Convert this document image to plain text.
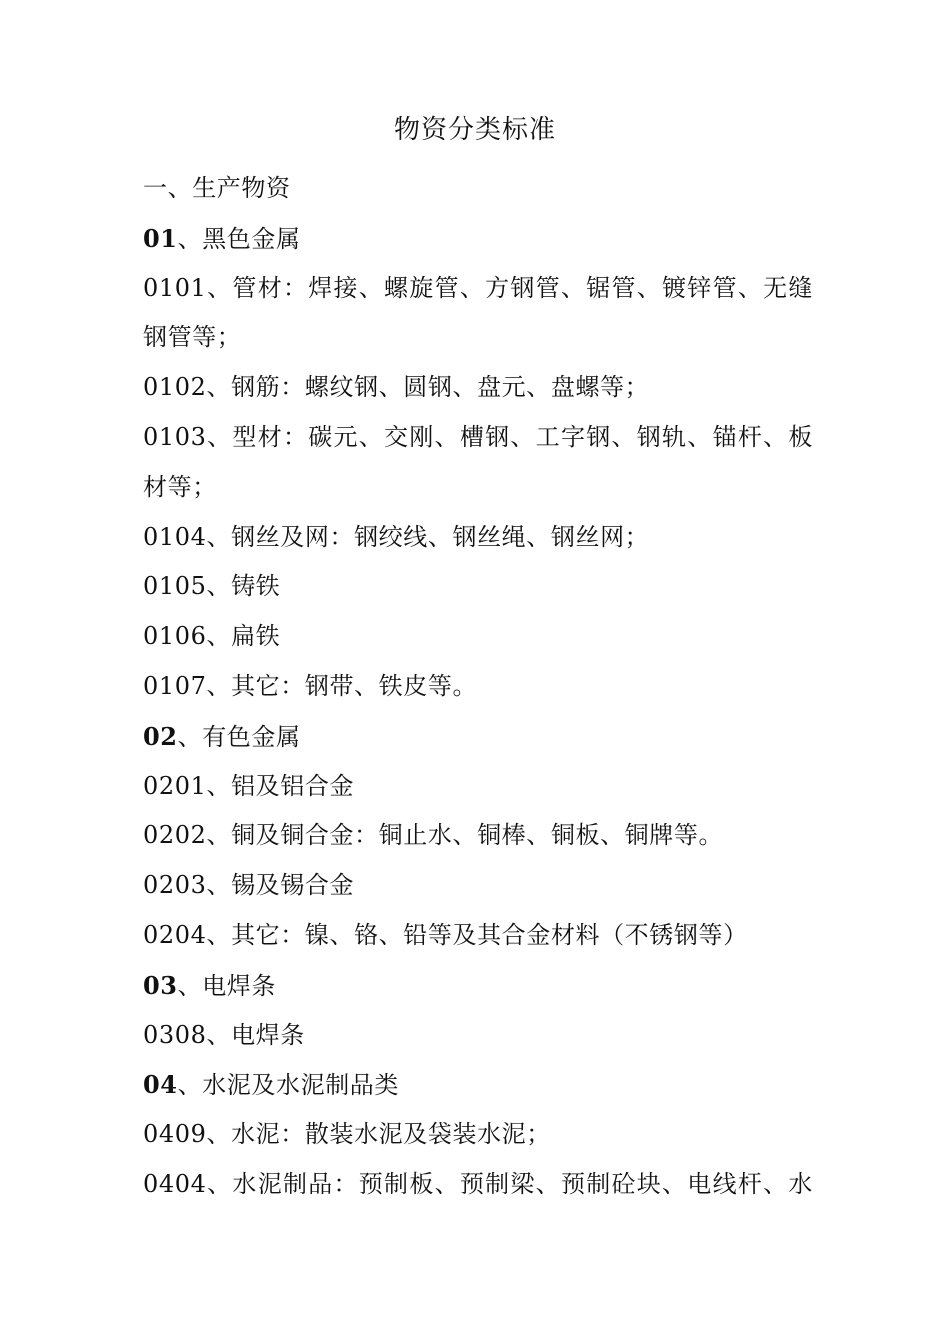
物资分类标准
一、生产物资
01、黑色金属
0101、管材：焊接、螺旋管、方钢管、锯管、镀锌管、无缝
钢管等；
0102、钢筋：螺纹钢、圆钢、盘元、盘螺等；
0103、型材：碳元、交刚、槽钢、工字钢、钢轨、锚杆、板
材等；
0104、钢丝及网：钢绞线、钢丝绳、钢丝网；
0105、铸铁
0106、扁铁
0107、其它：钢带、铁皮等。
02、有色金属
0201、铝及铝合金
0202、铜及铜合金：铜止水、铜棒、铜板、铜牌等。
0203、锡及锡合金
0204、其它：镍、铬、铅等及其合金材料（不锈钢等）
03、电焊条
0308、电焊条
04、水泥及水泥制品类
0409、水泥：散装水泥及袋装水泥；
0404、水泥制品：预制板、预制梁、预制砼块、电线杆、水
